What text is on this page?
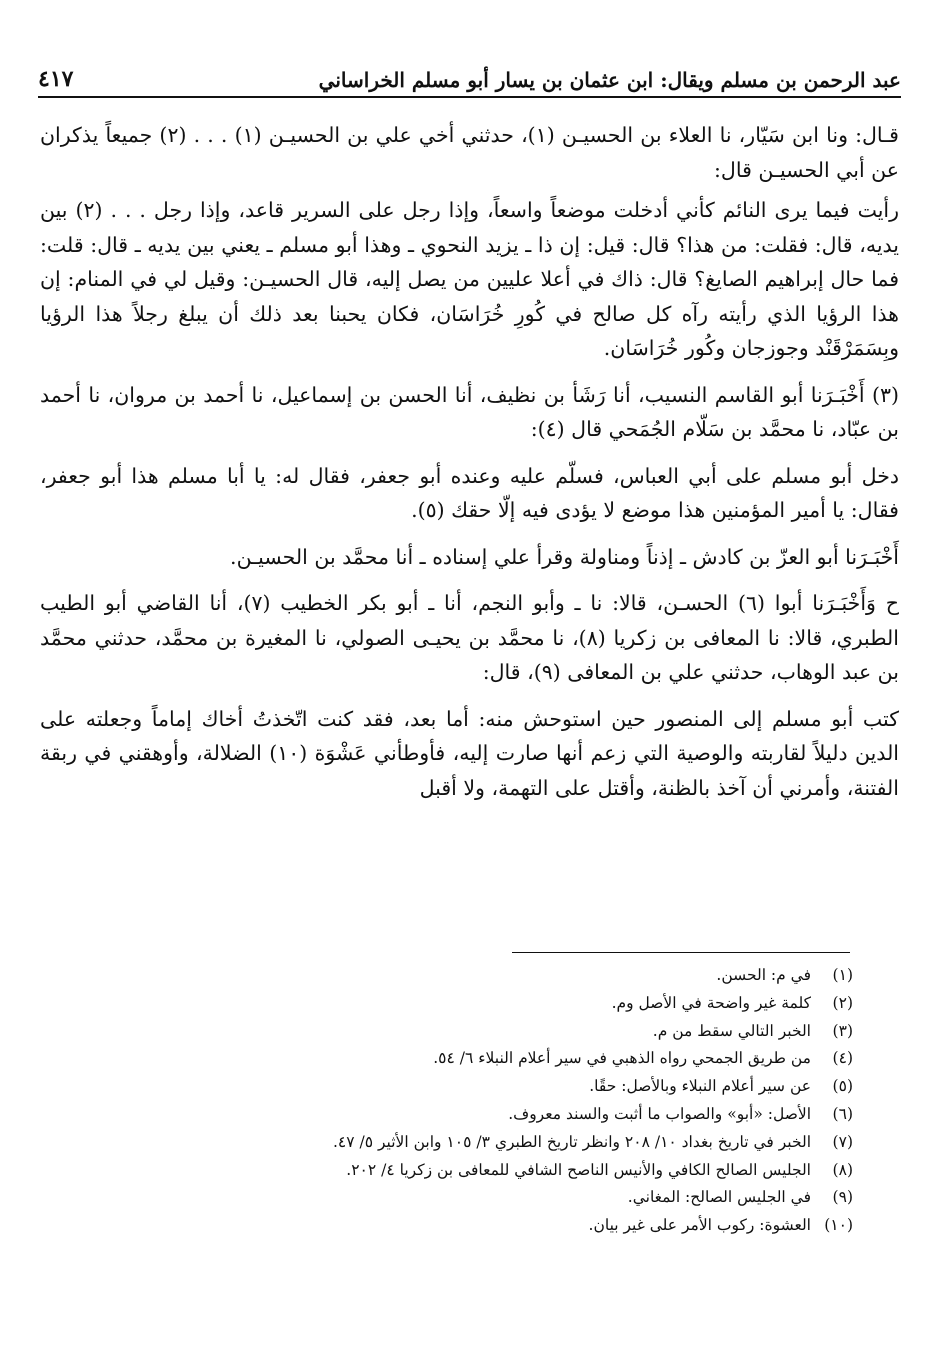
عبد الرحمن بن مسلم ويقال: ابن عثمان بن يسار أبو مسلم الخراساني
٤١٧

قـال: ونا ابن سَيّار، نا العلاء بن الحسيـن (١)، حدثني أخي علي بن الحسيـن (١) . . . (٢) جميعاً يذكران عن أبي الحسيـن قال:

رأيت فيما يرى النائم كأني أدخلت موضعاً واسعاً، وإذا رجل على السرير قاعد، وإذا رجل . . . (٢) بين يديه، قال: فقلت: من هذا؟ قال: قيل: إن ذا ـ يزيد النحوي ـ وهذا أبو مسلم ـ يعني بين يديه ـ قال: قلت: فما حال إبراهيم الصايغ؟ قال: ذاك في أعلا عليين من يصل إليه، قال الحسيـن: وقيل لي في المنام: إن هذا الرؤيا الذي رأيته رآه كل صالح في كُورِ خُرَاسَان، فكان يحبنا بعد ذلك أن يبلغ رجلاً هذا الرؤيا وبِسَمَرْقَنْد وجوزجان وكُور خُرَاسَان.

(٣) أَخْبَـرَنا أبو القاسم النسيب، أنا رَشَأ بن نظيف، أنا الحسن بن إسماعيل، نا أحمد بن مروان، نا أحمد بن عبّاد، نا محمَّد بن سَلّام الجُمَحي قال (٤):

دخل أبو مسلم على أبي العباس، فسلّم عليه وعنده أبو جعفر، فقال له: يا أبا مسلم هذا أبو جعفر، فقال: يا أمير المؤمنين هذا موضع لا يؤدى فيه إلّا حقك (٥).

أَخْبَـرَنا أبو العزّ بن كادش ـ إذناً ومناولة وقرأ علي إسناده ـ أنا محمَّد بن الحسيـن.

ح وَأَخْبَـرَنا أبوا (٦) الحسـن، قالا: نا ـ وأبو النجم، أنا ـ أبو بكر الخطيب (٧)، أنا القاضي أبو الطيب الطبري، قالا: نا المعافى بن زكريا (٨)، نا محمَّد بن يحيـى الصولي، نا المغيرة بن محمَّد، حدثني محمَّد بن عبد الوهاب، حدثني علي بن المعافى (٩)، قال:

كتب أبو مسلم إلى المنصور حين استوحش منه: أما بعد، فقد كنت اتّخذتُ أخاك إماماً وجعلته على الدين دليلاً لقاربته والوصية التي زعم أنها صارت إليه، فأوطأني عَشْوَة (١٠) الضلالة، وأوهقني في ربقة الفتنة، وأمرني أن آخذ بالظنة، وأقتل على التهمة، ولا أقبل

(١)
في م: الحسن.
(٢)
كلمة غير واضحة في الأصل وم.
(٣)
الخبر التالي سقط من م.
(٤)
من طريق الجمحي رواه الذهبي في سير أعلام النبلاء ٦/ ٥٤.
(٥)
عن سير أعلام النبلاء وبالأصل: حقًا.
(٦)
الأصل: «أبو» والصواب ما أثبت والسند معروف.
(٧)
الخبر في تاريخ بغداد ١٠/ ٢٠٨ وانظر تاريخ الطبري ٣/ ١٠٥ وابن الأثير ٥/ ٤٧.
(٨)
الجليس الصالح الكافي والأنيس الناصح الشافي للمعافى بن زكريا ٤/ ٢٠٢.
(٩)
في الجليس الصالح: المغاني.
(١٠)
العشوة: ركوب الأمر على غير بيان.
